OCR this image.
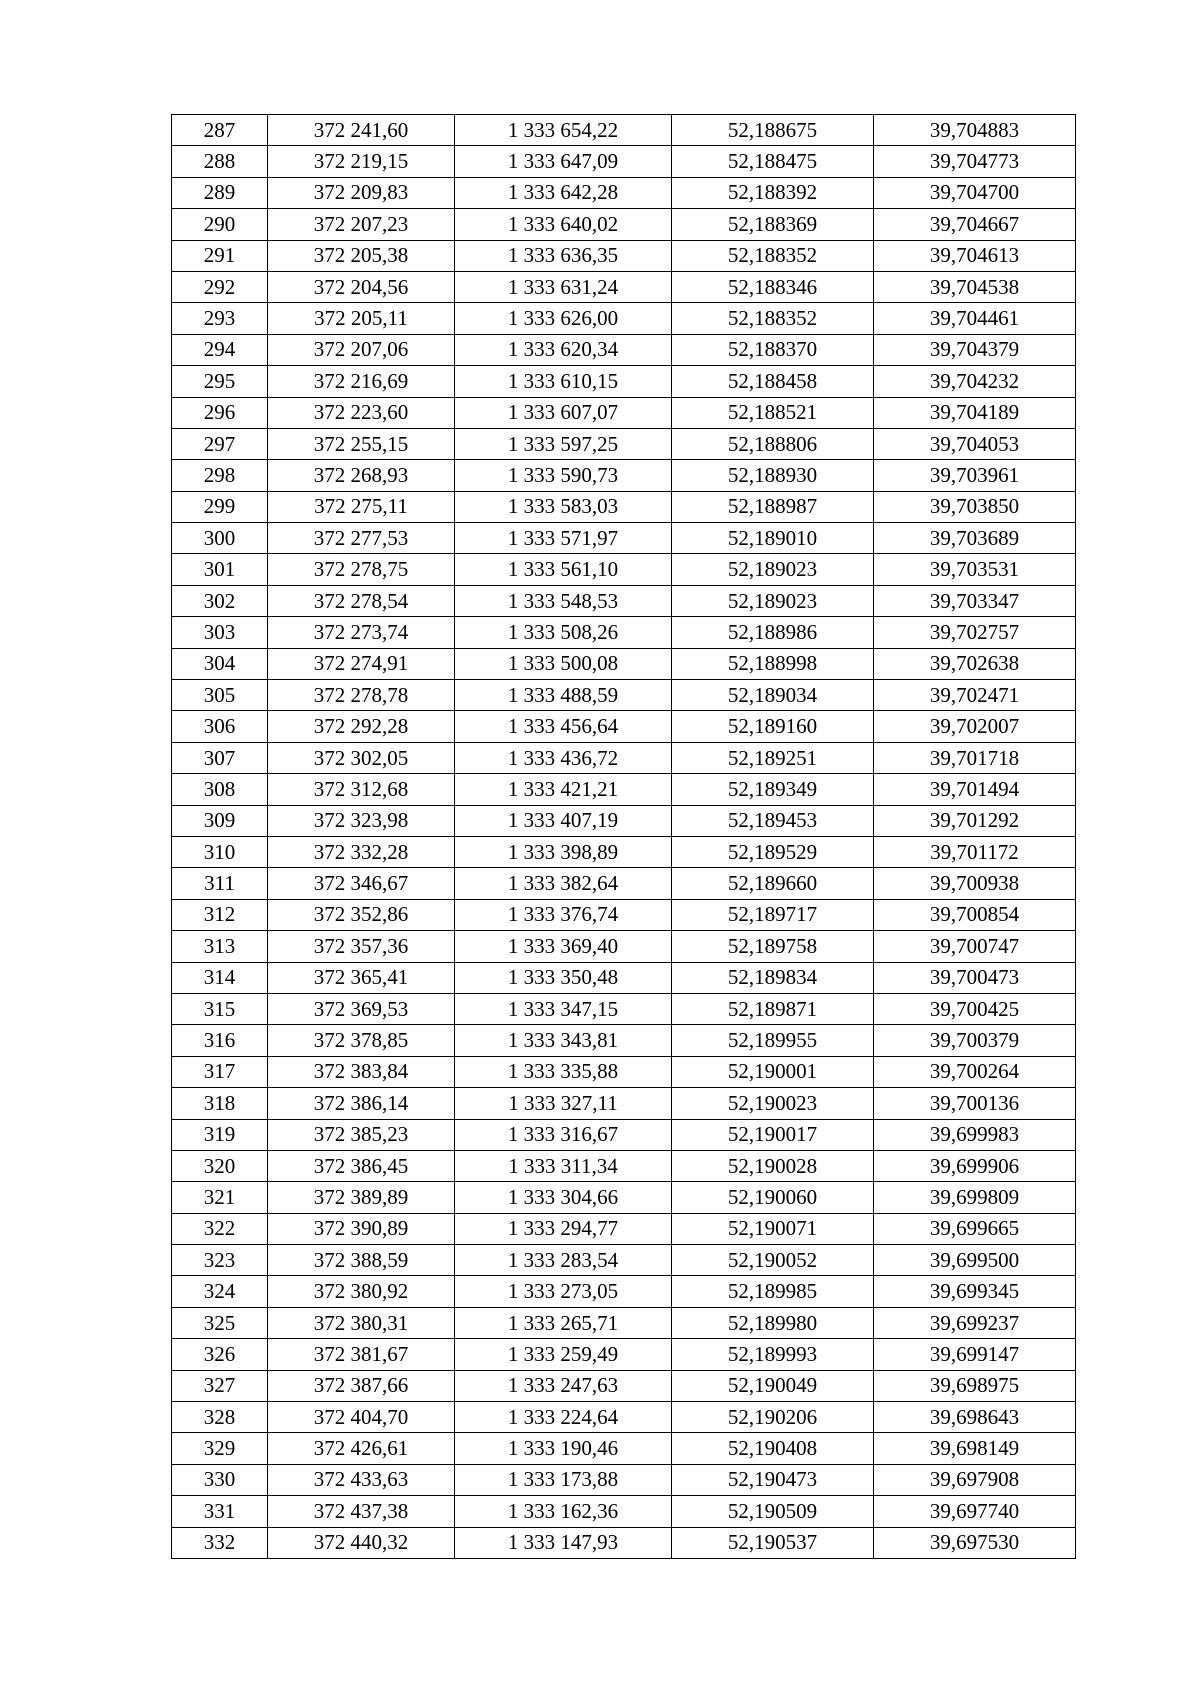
287	372 241,60	1 333 654,22	52,188675	39,704883
288	372 219,15	1 333 647,09	52,188475	39,704773
289	372 209,83	1 333 642,28	52,188392	39,704700
290	372 207,23	1 333 640,02	52,188369	39,704667
291	372 205,38	1 333 636,35	52,188352	39,704613
292	372 204,56	1 333 631,24	52,188346	39,704538
293	372 205,11	1 333 626,00	52,188352	39,704461
294	372 207,06	1 333 620,34	52,188370	39,704379
295	372 216,69	1 333 610,15	52,188458	39,704232
296	372 223,60	1 333 607,07	52,188521	39,704189
297	372 255,15	1 333 597,25	52,188806	39,704053
298	372 268,93	1 333 590,73	52,188930	39,703961
299	372 275,11	1 333 583,03	52,188987	39,703850
300	372 277,53	1 333 571,97	52,189010	39,703689
301	372 278,75	1 333 561,10	52,189023	39,703531
302	372 278,54	1 333 548,53	52,189023	39,703347
303	372 273,74	1 333 508,26	52,188986	39,702757
304	372 274,91	1 333 500,08	52,188998	39,702638
305	372 278,78	1 333 488,59	52,189034	39,702471
306	372 292,28	1 333 456,64	52,189160	39,702007
307	372 302,05	1 333 436,72	52,189251	39,701718
308	372 312,68	1 333 421,21	52,189349	39,701494
309	372 323,98	1 333 407,19	52,189453	39,701292
310	372 332,28	1 333 398,89	52,189529	39,701172
311	372 346,67	1 333 382,64	52,189660	39,700938
312	372 352,86	1 333 376,74	52,189717	39,700854
313	372 357,36	1 333 369,40	52,189758	39,700747
314	372 365,41	1 333 350,48	52,189834	39,700473
315	372 369,53	1 333 347,15	52,189871	39,700425
316	372 378,85	1 333 343,81	52,189955	39,700379
317	372 383,84	1 333 335,88	52,190001	39,700264
318	372 386,14	1 333 327,11	52,190023	39,700136
319	372 385,23	1 333 316,67	52,190017	39,699983
320	372 386,45	1 333 311,34	52,190028	39,699906
321	372 389,89	1 333 304,66	52,190060	39,699809
322	372 390,89	1 333 294,77	52,190071	39,699665
323	372 388,59	1 333 283,54	52,190052	39,699500
324	372 380,92	1 333 273,05	52,189985	39,699345
325	372 380,31	1 333 265,71	52,189980	39,699237
326	372 381,67	1 333 259,49	52,189993	39,699147
327	372 387,66	1 333 247,63	52,190049	39,698975
328	372 404,70	1 333 224,64	52,190206	39,698643
329	372 426,61	1 333 190,46	52,190408	39,698149
330	372 433,63	1 333 173,88	52,190473	39,697908
331	372 437,38	1 333 162,36	52,190509	39,697740
332	372 440,32	1 333 147,93	52,190537	39,697530
